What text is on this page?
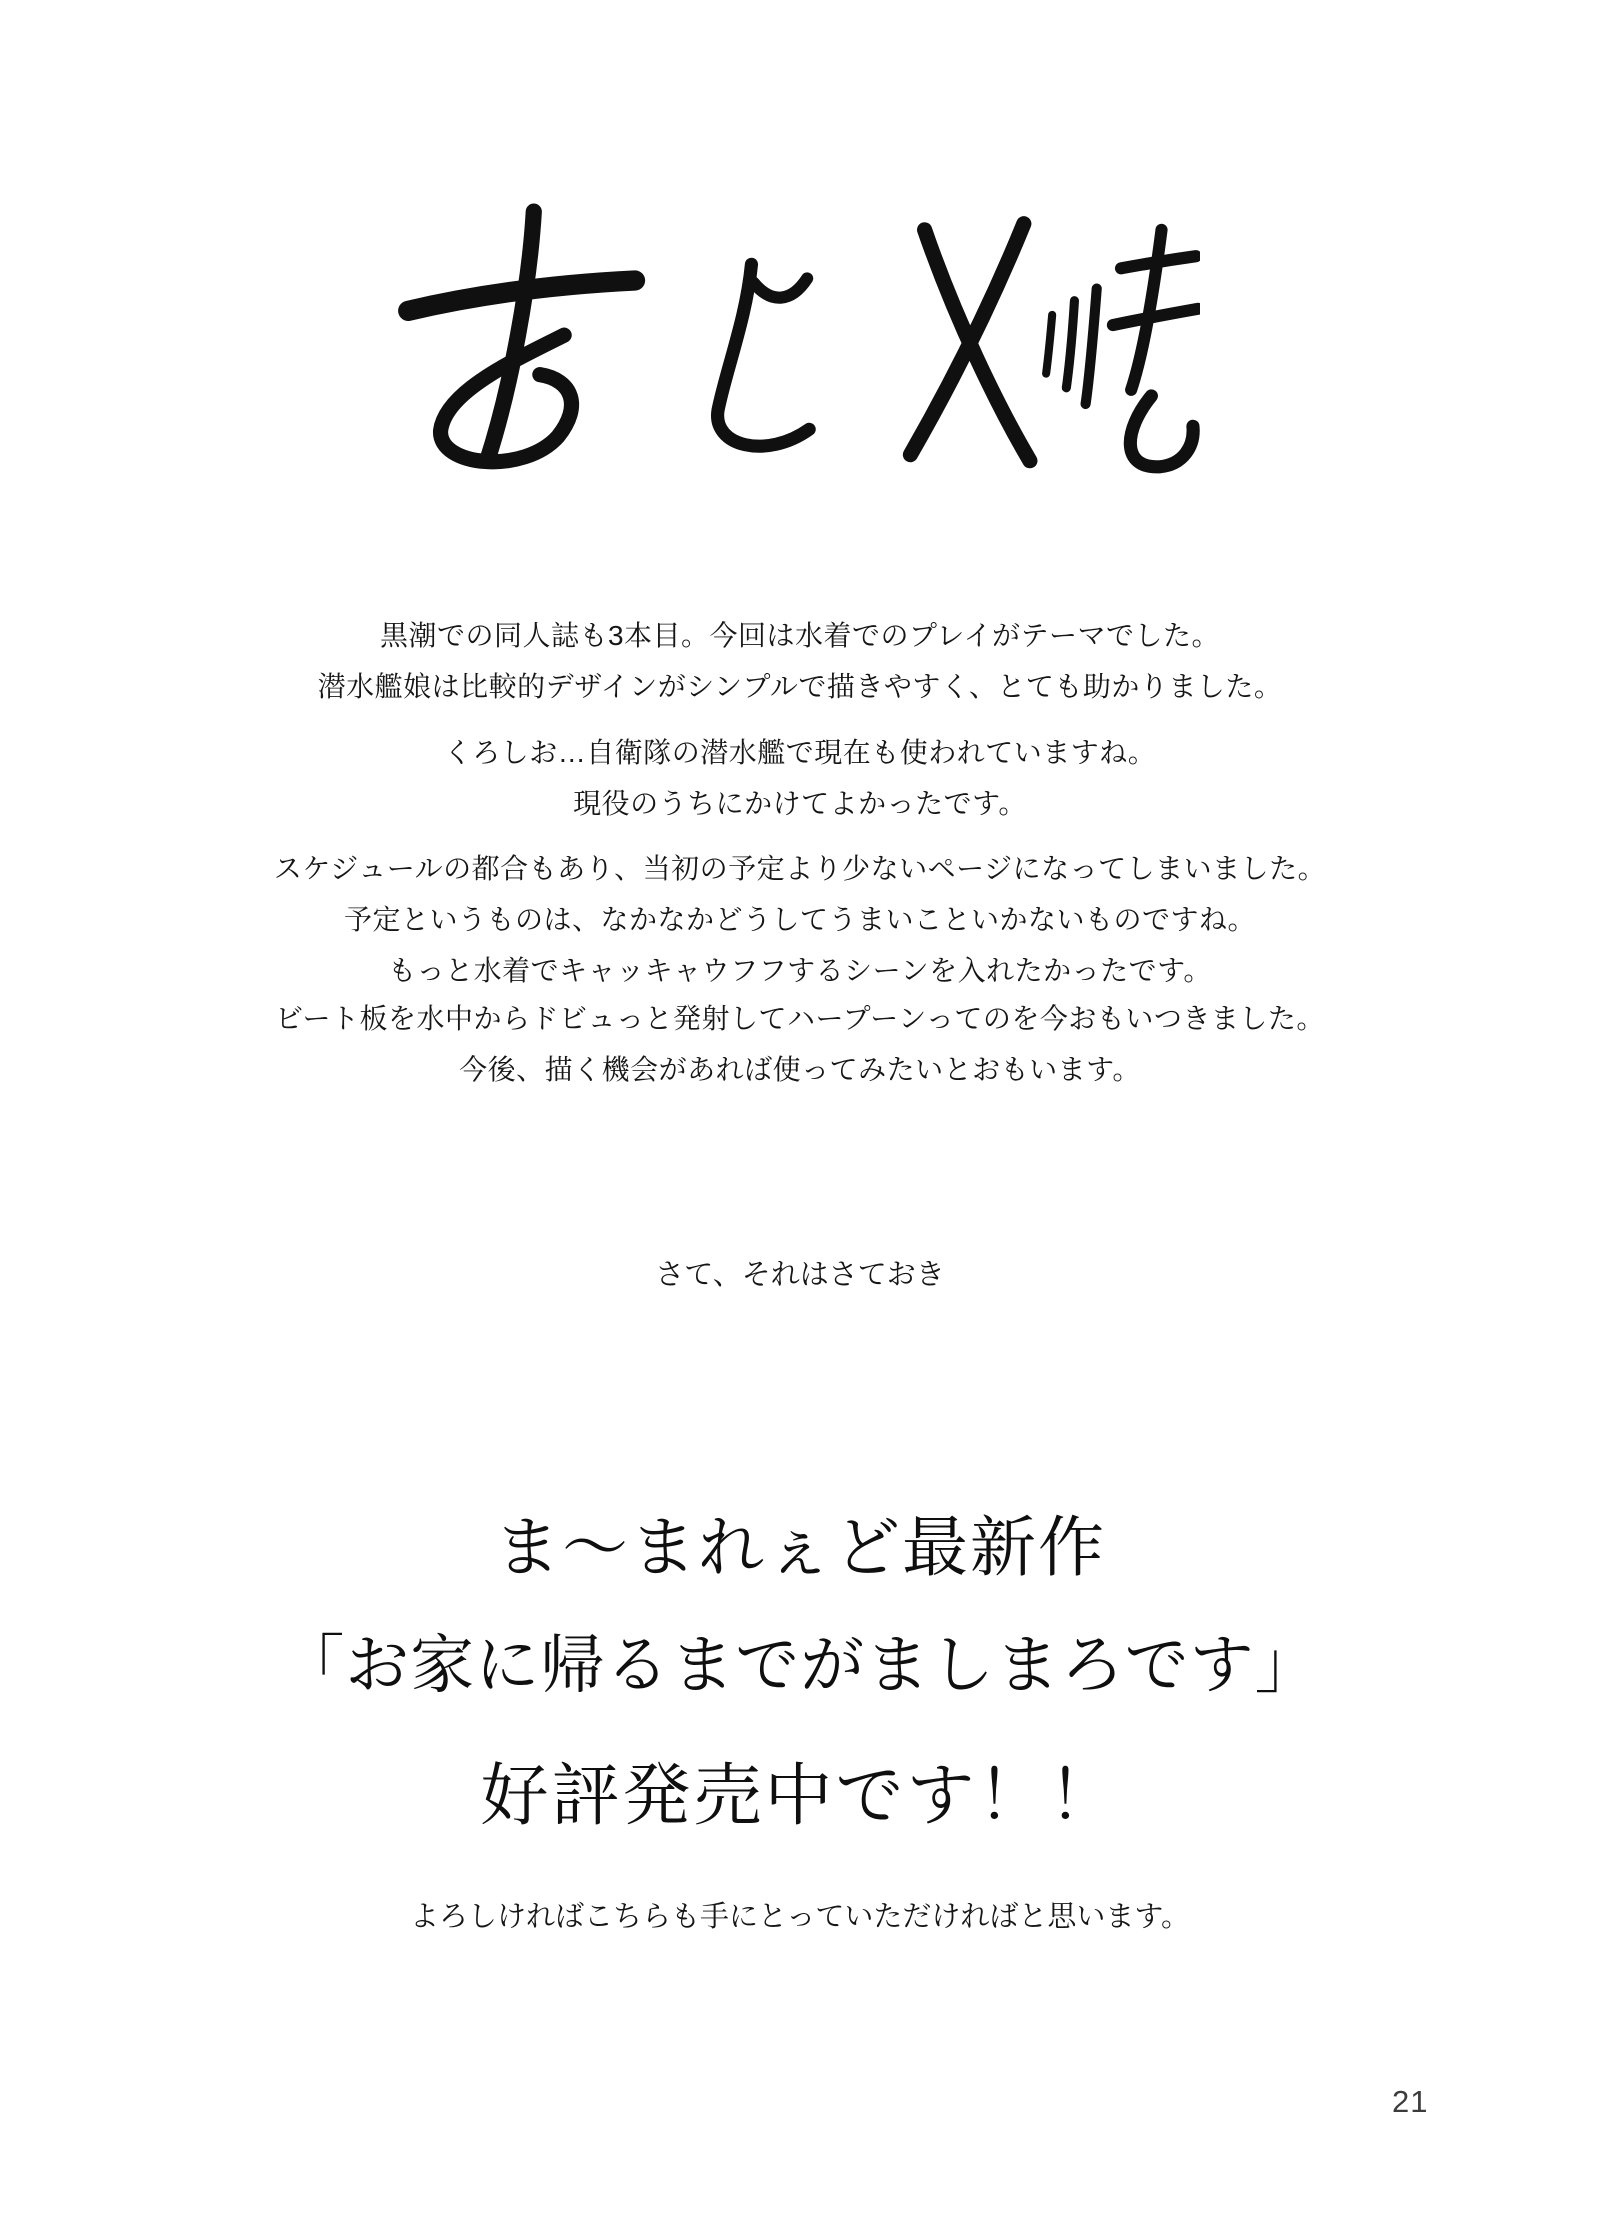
黒潮での同人誌も3本目。今回は水着でのプレイがテーマでした。
潜水艦娘は比較的デザインがシンプルで描きやすく、とても助かりました。
くろしお…自衛隊の潜水艦で現在も使われていますね。
現役のうちにかけてよかったです。
スケジュールの都合もあり、当初の予定より少ないページになってしまいました。
予定というものは、なかなかどうしてうまいこといかないものですね。
もっと水着でキャッキャウフフするシーンを入れたかったです。
ビート板を水中からドビュっと発射してハープーンってのを今おもいつきました。
今後、描く機会があれば使ってみたいとおもいます。
さて、それはさておき
ま〜まれぇど最新作
「お家に帰るまでがましまろです」
好評発売中です！！
よろしければこちらも手にとっていただければと思います。
21
